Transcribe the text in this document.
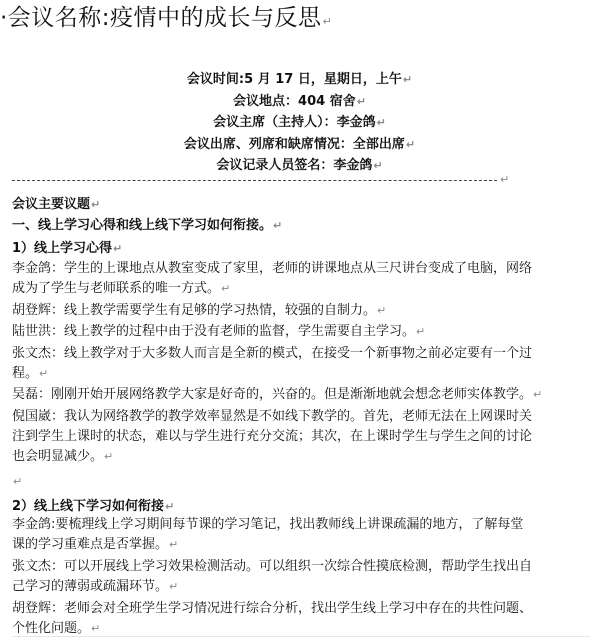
·会议名称:疫情中的成长与反思↵
会议时间:5 月 17 日，星期日，上午↵
会议地点：404 宿舍↵
会议主席（主持人）：李金鸽↵
会议出席、列席和缺席情况：全部出席↵
会议记录人员签名：李金鸽↵
↵
会议主要议题↵
一、线上学习心得和线上线下学习如何衔接。↵
1）线上学习心得↵
李金鸽：学生的上课地点从教室变成了家里，老师的讲课地点从三尺讲台变成了电脑，网络
成为了学生与老师联系的唯一方式。↵
胡登辉：线上教学需要学生有足够的学习热情，较强的自制力。↵
陆世洪：线上教学的过程中由于没有老师的监督，学生需要自主学习。↵
张文杰：线上教学对于大多数人而言是全新的模式，在接受一个新事物之前必定要有一个过
程。↵
吴磊：刚刚开始开展网络教学大家是好奇的，兴奋的。但是渐渐地就会想念老师实体教学。↵
倪国崴：我认为网络教学的教学效率显然是不如线下教学的。首先，老师无法在上网课时关
注到学生上课时的状态，难以与学生进行充分交流；其次，在上课时学生与学生之间的讨论
也会明显减少。↵
↵
2）线上线下学习如何衔接↵
李金鸽:要梳理线上学习期间每节课的学习笔记，找出教师线上讲课疏漏的地方，了解每堂
课的学习重难点是否掌握。↵
张文杰：可以开展线上学习效果检测活动。可以组织一次综合性摸底检测，帮助学生找出自
己学习的薄弱或疏漏环节。↵
胡登辉：老师会对全班学生学习情况进行综合分析，找出学生线上学习中存在的共性问题、
个性化问题。↵
